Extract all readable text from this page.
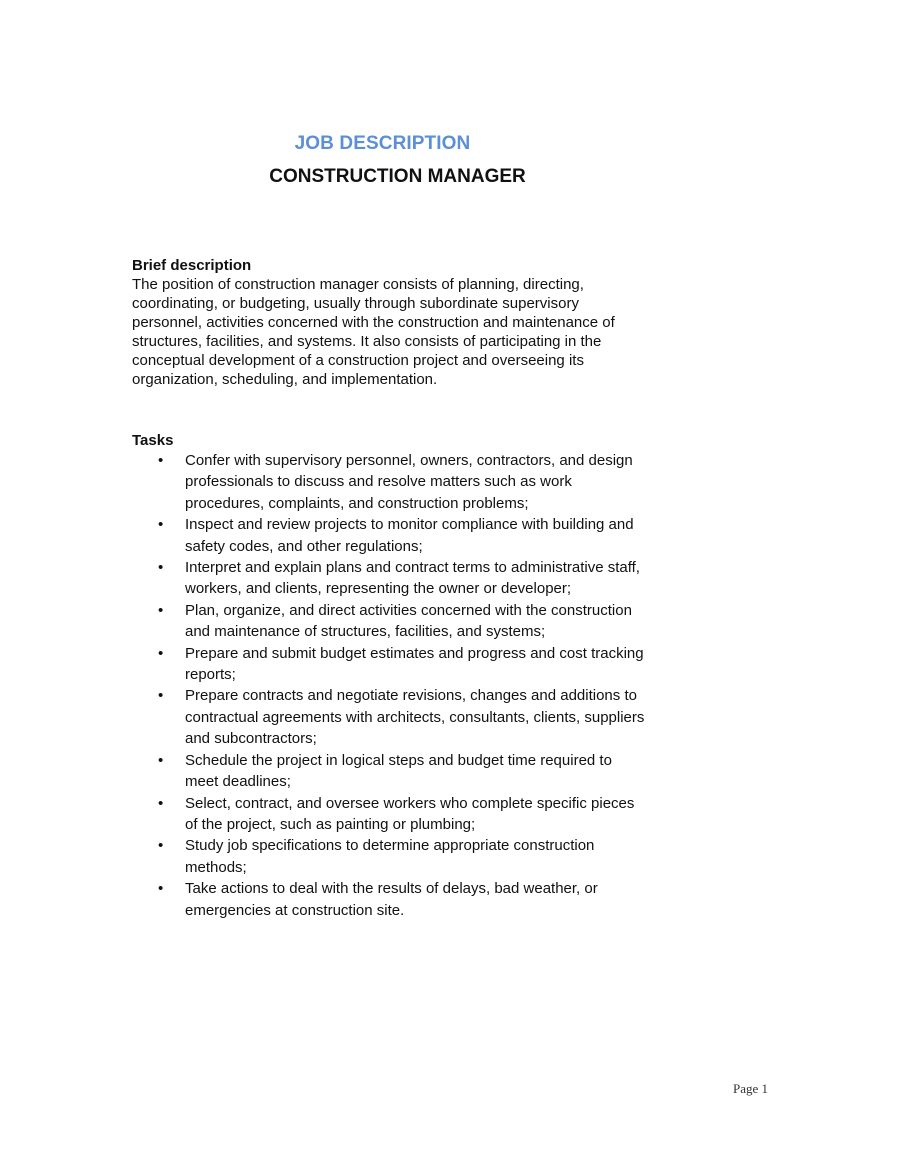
JOB DESCRIPTION
CONSTRUCTION MANAGER

Brief description

The position of construction manager consists of planning, directing, coordinating, or budgeting, usually through subordinate supervisory personnel, activities concerned with the construction and maintenance of structures, facilities, and systems. It also consists of participating in the conceptual development of a construction project and overseeing its organization, scheduling, and implementation.

Tasks

• Confer with supervisory personnel, owners, contractors, and design professionals to discuss and resolve matters such as work procedures, complaints, and construction problems;
• Inspect and review projects to monitor compliance with building and safety codes, and other regulations;
• Interpret and explain plans and contract terms to administrative staff, workers, and clients, representing the owner or developer;
• Plan, organize, and direct activities concerned with the construction and maintenance of structures, facilities, and systems;
• Prepare and submit budget estimates and progress and cost tracking reports;
• Prepare contracts and negotiate revisions, changes and additions to contractual agreements with architects, consultants, clients, suppliers and subcontractors;
• Schedule the project in logical steps and budget time required to meet deadlines;
• Select, contract, and oversee workers who complete specific pieces of the project, such as painting or plumbing;
• Study job specifications to determine appropriate construction methods;
• Take actions to deal with the results of delays, bad weather, or emergencies at construction site.
Page 1
